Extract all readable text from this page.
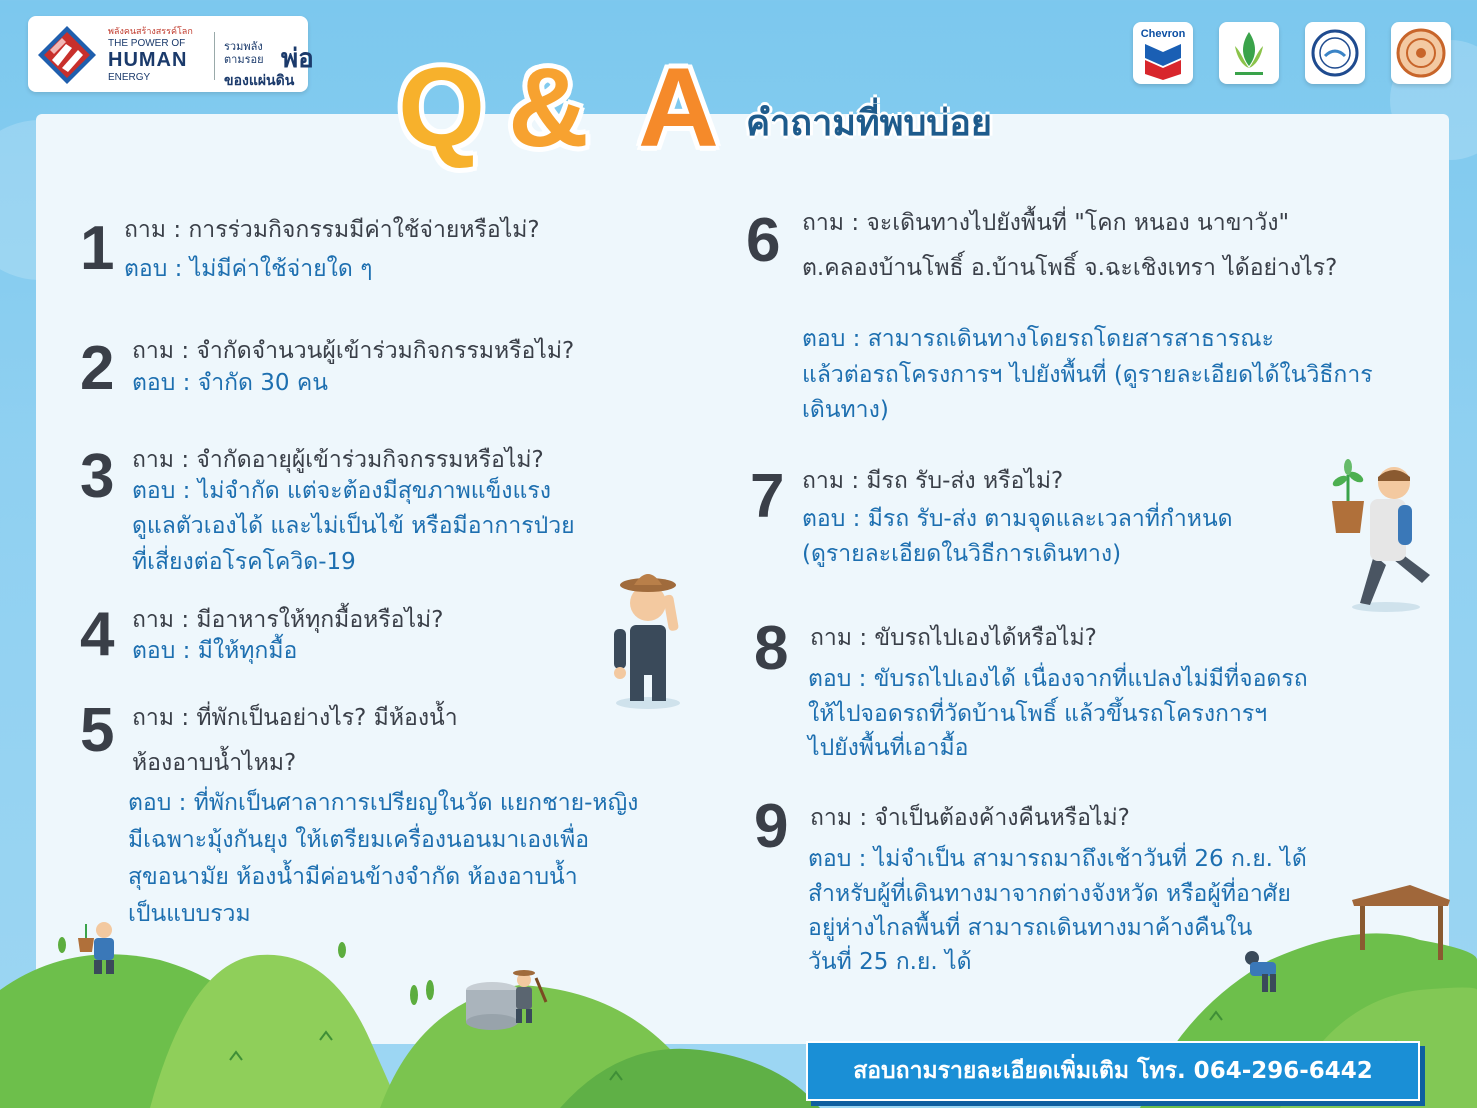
พลังคนสร้างสรรค์โลก
THE POWER OF
HUMAN
ENERGY
รวมพลัง ตามรอย พ่อ
ของแผ่นดิน
Chevron
Q & A คำถามที่พบบ่อย
1 ถาม : การร่วมกิจกรรมมีค่าใช้จ่ายหรือไม่?
ตอบ : ไม่มีค่าใช้จ่ายใด ๆ
2 ถาม : จำกัดจำนวนผู้เข้าร่วมกิจกรรมหรือไม่?
ตอบ : จำกัด 30 คน
3 ถาม : จำกัดอายุผู้เข้าร่วมกิจกรรมหรือไม่?
ตอบ : ไม่จำกัด แต่จะต้องมีสุขภาพแข็งแรง
ดูแลตัวเองได้ และไม่เป็นไข้ หรือมีอาการป่วย
ที่เสี่ยงต่อโรคโควิด-19
4 ถาม : มีอาหารให้ทุกมื้อหรือไม่?
ตอบ : มีให้ทุกมื้อ
5 ถาม : ที่พักเป็นอย่างไร? มีห้องน้ำ
ห้องอาบน้ำไหม?
ตอบ : ที่พักเป็นศาลาการเปรียญในวัด แยกชาย-หญิง
มีเฉพาะมุ้งกันยุง ให้เตรียมเครื่องนอนมาเองเพื่อ
สุขอนามัย ห้องน้ำมีค่อนข้างจำกัด ห้องอาบน้ำ
เป็นแบบรวม
6 ถาม : จะเดินทางไปยังพื้นที่ "โคก หนอง นาขาวัง"
ต.คลองบ้านโพธิ์ อ.บ้านโพธิ์ จ.ฉะเชิงเทรา ได้อย่างไร?
ตอบ : สามารถเดินทางโดยรถโดยสารสาธารณะ
แล้วต่อรถโครงการฯ ไปยังพื้นที่ (ดูรายละเอียดได้ในวิธีการ
เดินทาง)
7 ถาม : มีรถ รับ-ส่ง หรือไม่?
ตอบ : มีรถ รับ-ส่ง ตามจุดและเวลาที่กำหนด
(ดูรายละเอียดในวิธีการเดินทาง)
8 ถาม : ขับรถไปเองได้หรือไม่?
ตอบ : ขับรถไปเองได้ เนื่องจากที่แปลงไม่มีที่จอดรถ
ให้ไปจอดรถที่วัดบ้านโพธิ์ แล้วขึ้นรถโครงการฯ
ไปยังพื้นที่เอามื้อ
9 ถาม : จำเป็นต้องค้างคืนหรือไม่?
ตอบ : ไม่จำเป็น สามารถมาถึงเช้าวันที่ 26 ก.ย. ได้
สำหรับผู้ที่เดินทางมาจากต่างจังหวัด หรือผู้ที่อาศัย
อยู่ห่างไกลพื้นที่ สามารถเดินทางมาค้างคืนใน
วันที่ 25 ก.ย. ได้
สอบถามรายละเอียดเพิ่มเติม โทร. 064-296-6442
